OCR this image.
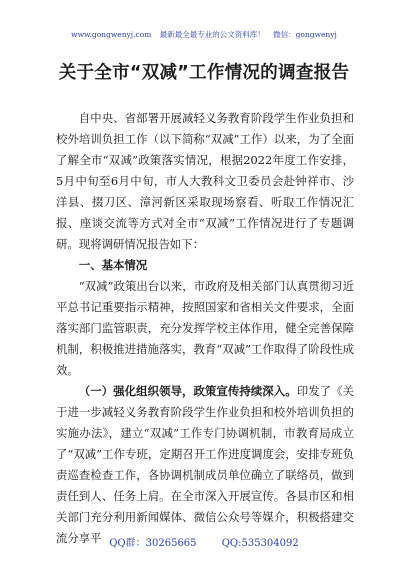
www.gongwenyj.com 最新最全最专业的公文资料库！ 微信：gongwenyj
关于全市“双减”工作情况的调查报告

自中央、省部署开展减轻义务教育阶段学生作业负担和校外培训负担工作（以下简称“双减”工作）以来，为了全面了解全市“双减”政策落实情况，根据2022年度工作安排，5月中旬至6月中旬，市人大教科文卫委员会赴钟祥市、沙洋县、掇刀区、漳河新区采取现场察看、听取工作情况汇报、座谈交流等方式对全市“双减”工作情况进行了专题调研。现将调研情况报告如下：

一、基本情况

“双减”政策出台以来，市政府及相关部门认真贯彻习近平总书记重要指示精神，按照国家和省相关文件要求，全面落实部门监管职责，充分发挥学校主体作用，健全完善保障机制，积极推进措施落实，教育“双减”工作取得了阶段性成效。

（一）强化组织领导，政策宣传持续深入。印发了《关于进一步减轻义务教育阶段学生作业负担和校外培训负担的实施办法》，建立“双减”工作专门协调机制，市教育局成立了“双减”工作专班，定期召开工作进度调度会，安排专班负责巡查检查工作，各协调机制成员单位确立了联络员，做到责任到人、任务上肩。在全市深入开展宣传。各县市区和相关部门充分利用新闻媒体、微信公众号等媒介，积极搭建交流分享平 QQ群：30265665	QQ:535304092
